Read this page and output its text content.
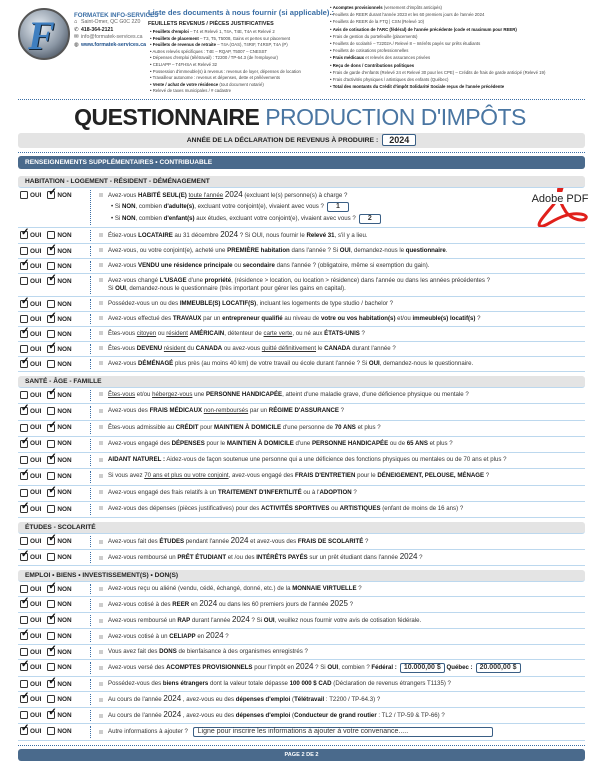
F	FORMATEK INFO-SERVICES
⌂ Saint-Omer, QC G0C 2Z0
✆ 418-364-2121
✉ info@formatek-services.ca
◍ www.formatek-services.ca
Liste des documents à nous fournir (si applicable) :
FEUILLETS REVENUS / PIÈCES JUSTIFICATIVES
• Feuillets d'emploi – T4 et Relevé 1, T4A, T4E, T4A et Relevé 2
• Feuillets de placement – T3, T5, T5008, Gains et pertes sur placement
• Feuillets de revenus de retraite – T4A (OAS), T4RIF, T4RSP, T4A (P)
• Autres relevés spécifiques : T4E – RQAP, T5007 – CNESST
• Dépenses d'emploi (télétravail) : T2200 / TP-64.3 (de l'employeur)
• CELIAPP – T4FHSA et Relevé 32
• Possession d'immeuble(s) à revenus : revenus de loyer, dépenses de location
• Travailleur autonome : revenus et dépenses, dette et prélèvements
• Vente / achat de votre résidence (tout document notarié)
• Relevé de taxes municipales / # cadastre
• Acomptes provisionnels (versement d'impôts anticipés)
• Feuillets de REER durant l'année 2023 et les 60 premiers jours de l'année 2024
• Feuillets de REER de la FTQ | CSN (Relevé 10)
• Avis de cotisation de l'ARC (fédéral) de l'année précédente (code et maximum pour REER)
• Frais de gestion du portefeuille (placements)
• Feuillets de scolarité – T2202A / Relevé 8 – Intérêts payés sur prêts étudiants
• Feuillets de cotisations professionnelles
• Frais médicaux et relevés des assurances privées
• Reçu de dons / Contributions politiques
• Frais de garde d'enfants (Relevé 24 et Relevé 30 pour les CPE) – Crédits de frais de garde anticipé (Relevé 19)
• Frais d'activités physiques / artistiques des enfants (Québec)
• Total des montants du Crédit d'impôt Solidarité Sociale reçus de l'année précédente
QUESTIONNAIRE PRODUCTION D'IMPÔTS
ANNÉE DE LA DÉCLARATION DE REVENUS À PRODUIRE : 2024
RENSEIGNEMENTS SUPPLÉMENTAIRES • CONTRIBUABLE
Adobe PDF
HABITATION - LOGEMENT - RÉSIDENT - DÉMÉNAGEMENT
OUI ✓	NON	Avez-vous HABITÉ SEUL(E) toute l'année 2024 (excluant le(s) personne(s) à charge ?
• Si NON, combien d'adulte(s), excluant votre conjoint(e), vivaient avec vous ? 1
• Si NON, combien d'enfant(s) aux études, excluant votre conjoint(e), vivaient avec vous ? 2
✓
OUI	NON	Étiez-vous LOCATAIRE au 31 décembre 2024 ? Si OUI, nous fournir le Relevé 31, s'il y a lieu.
OUI ✓	NON	Avez-vous, ou votre conjoint(e), acheté une PREMIÈRE habitation dans l'année ? Si OUI, demandez-nous le questionnaire.
✓
OUI	NON	Avez-vous VENDU une résidence principale ou secondaire dans l'année ? (obligatoire, même si exemption du gain).
OUI ✓	NON	Avez-vous changé L'USAGE d'une propriété, (résidence > location, ou location > résidence) dans l'année ou dans les années précédentes ?
Si OUI, demandez-nous le questionnaire (très important pour gérer les gains en capital).
✓
OUI	NON	Possédez-vous un ou des IMMEUBLE(S) LOCATIF(S), incluant les logements de type studio / bachelor ?
OUI ✓	NON	Avez-vous effectué des TRAVAUX par un entrepreneur qualifié au niveau de votre ou vos habitation(s) et/ou immeuble(s) locatif(s) ?
✓
OUI	NON	Êtes-vous citoyen ou résident AMÉRICAIN, détenteur de carte verte, ou né aux ÉTATS-UNIS ?
OUI ✓	NON	Êtes-vous DEVENU résident du CANADA ou avez-vous quitté définitivement le CANADA durant l'année ?
✓
OUI	NON	Avez-vous DÉMÉNAGÉ plus près (au moins 40 km) de votre travail ou école durant l'année ? Si OUI, demandez-nous le questionnaire.
SANTÉ - ÂGE - FAMILLE
OUI ✓	NON	Êtes-vous et/ou hébergez-vous une PERSONNE HANDICAPÉE, atteint d'une maladie grave, d'une déficience physique ou mentale ?
✓
OUI	NON	Avez-vous des FRAIS MÉDICAUX non-remboursés par un RÉGIME D'ASSURANCE ?
OUI ✓	NON	Êtes-vous admissible au CRÉDIT pour MAINTIEN À DOMICILE d'une personne de 70 ANS et plus ?
✓
OUI	NON	Avez-vous engagé des DÉPENSES pour le MAINTIEN À DOMICILE d'une PERSONNE HANDICAPÉE ou de 65 ANS et plus ?
OUI ✓	NON	AIDANT NATUREL : Aidez-vous de façon soutenue une personne qui a une déficience des fonctions physiques ou mentales ou de 70 ans et plus ?
✓
OUI	NON	Si vous avez 70 ans et plus ou votre conjoint, avez-vous engagé des FRAIS D'ENTRETIEN pour le DÉNEIGEMENT, PELOUSE, MÉNAGE ?
OUI ✓	NON	Avez-vous engagé des frais relatifs à un TRAITEMENT D'INFERTILITÉ ou à l'ADOPTION ?
✓
OUI	NON	Avez-vous des dépenses (pièces justificatives) pour des ACTIVITÉS SPORTIVES ou ARTISTIQUES (enfant de moins de 16 ans) ?
ÉTUDES - SCOLARITÉ
OUI ✓	NON	Avez-vous fait des ÉTUDES pendant l'année 2024 et avez-vous des FRAIS DE SCOLARITÉ ?
✓
OUI	NON	Avez-vous remboursé un PRÊT ÉTUDIANT et /ou des INTÉRÊTS PAYÉS sur un prêt étudiant dans l'année 2024 ?
EMPLOI • BIENS • INVESTISSEMENT(S) • DON(S)
OUI ✓	NON	Avez-vous reçu ou aliéné (vendu, cédé, échangé, donné, etc.) de la MONNAIE VIRTUELLE ?
✓
OUI	NON	Avez-vous cotisé à des REER en 2024 ou dans les 60 premiers jours de l'année 2025 ?
OUI ✓	NON	Avez-vous remboursé un RAP durant l'année 2024 ? Si OUI, veuillez nous fournir votre avis de cotisation fédérale.
✓
OUI	NON	Avez-vous cotisé à un CELIAPP en 2024 ?
OUI ✓	NON	Vous avez fait des DONS de bienfaisance à des organismes enregistrés ?
✓
OUI	NON	Avez-vous versé des ACOMPTES PROVISIONNELS pour l'impôt en 2024 ? Si OUI, combien ? Fédéral : 10.000,00 $ Québec : 20.000,00 $
OUI ✓	NON	Possédez-vous des biens étrangers dont la valeur totale dépasse 100 000 $ CAD (Déclaration de revenus étrangers T1135) ?
✓
OUI	NON	Au cours de l'année 2024 , avez-vous eu des dépenses d'emploi (Télétravail : T2200 / TP-64.3) ?
OUI ✓	NON	Au cours de l'année 2024 , avez-vous eu des dépenses d'emploi (Conducteur de grand routier : TL2 / TP-59 & TP-66) ?
✓
OUI	NON	Autre informations à ajouter ? Ligne pour inscrire les informations à ajouter à votre convenance.....
PAGE 2 DE 2
